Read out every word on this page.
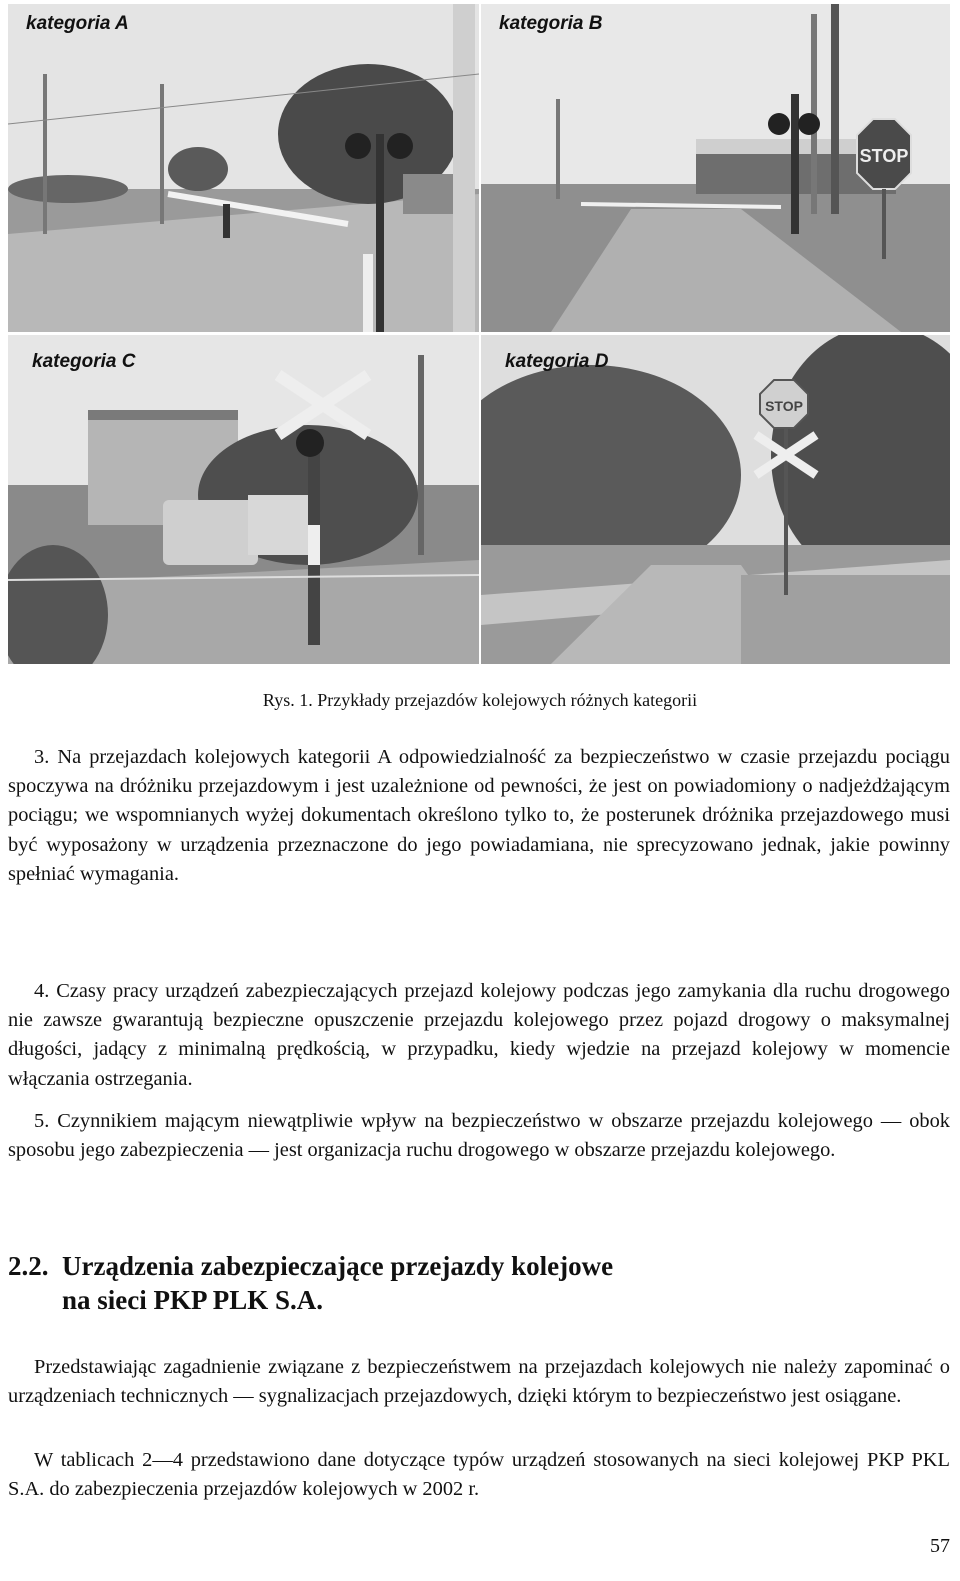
kategoria A
STOP
kategoria B
kategoria C
STOP
kategoria D
Rys. 1. Przykłady przejazdów kolejowych różnych kategorii

3. Na przejazdach kolejowych kategorii A odpowiedzialność za bezpieczeństwo w czasie przejazdu pociągu spoczywa na dróżniku przejazdowym i jest uzależnione od pewności, że jest on powiadomiony o nadjeżdżającym pociągu; we wspomnianych wyżej dokumentach określono tylko to, że posterunek dróżnika przejazdowego musi być wyposażony w urządzenia przeznaczone do jego powiadamiana, nie sprecyzowano jednak, jakie powinny spełniać wymagania.

4. Czasy pracy urządzeń zabezpieczających przejazd kolejowy podczas jego zamykania dla ruchu drogowego nie zawsze gwarantują bezpieczne opuszczenie przejazdu kolejowego przez pojazd drogowy o maksymalnej długości, jadący z minimalną prędkością, w przypadku, kiedy wjedzie na przejazd kolejowy w momencie włączania ostrzegania.

5. Czynnikiem mającym niewątpliwie wpływ na bezpieczeństwo w obszarze przejazdu kolejowego — obok sposobu jego zabezpieczenia — jest organizacja ruchu drogowego w obszarze przejazdu kolejowego.

2.2. Urządzenia zabezpieczające przejazdy kolejowe
na sieci PKP PLK S.A.

Przedstawiając zagadnienie związane z bezpieczeństwem na przejazdach kolejowych nie należy zapominać o urządzeniach technicznych — sygnalizacjach przejazdowych, dzięki którym to bezpieczeństwo jest osiągane.

W tablicach 2—4 przedstawiono dane dotyczące typów urządzeń stosowanych na sieci kolejowej PKP PKL S.A. do zabezpieczenia przejazdów kolejowych w 2002 r.

57
